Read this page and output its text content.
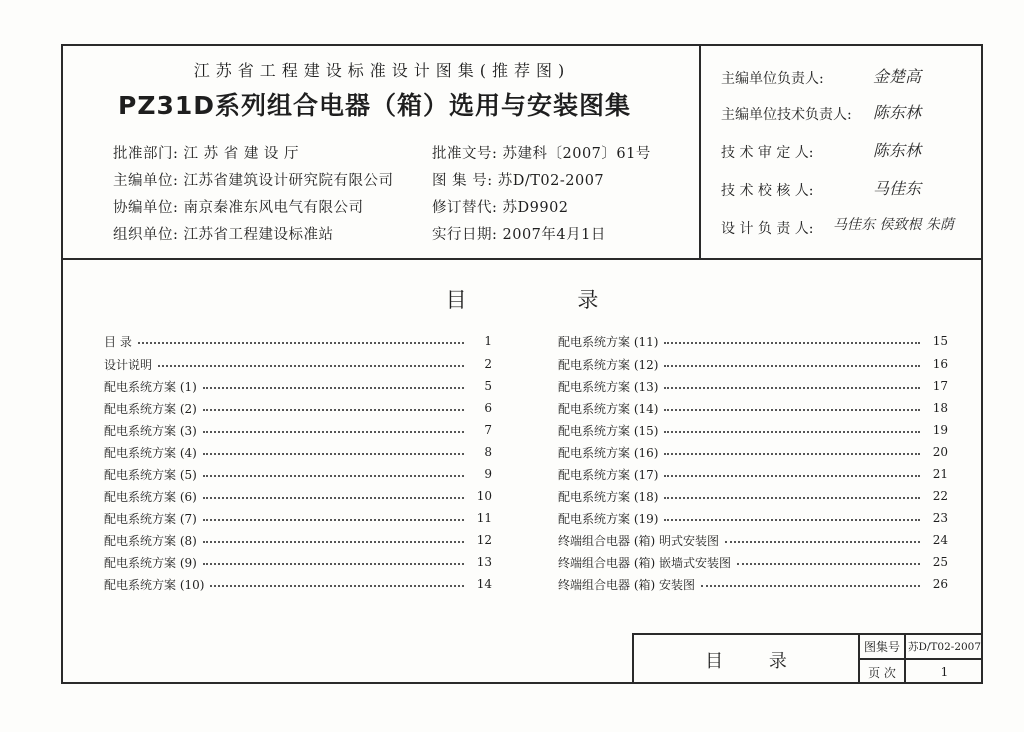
江苏省工程建设标准设计图集(推荐图)
PZ31D系列组合电器（箱）选用与安装图集
批准部门: 江 苏 省 建 设 厅
主编单位: 江苏省建筑设计研究院有限公司
协编单位: 南京秦准东风电气有限公司
组织单位: 江苏省工程建设标准站
批准文号: 苏建科〔2007〕61号
图 集 号: 苏D/T02-2007
修订替代: 苏D9902
实行日期: 2007年4月1日
主编单位负责人:	金楚高
主编单位技术负责人: 陈东林
技 术 审 定 人:	陈东林
技 术 校 核 人:	马佳东
设 计 负 责 人: 马佳东 侯致根 朱荫
目 录
目 录	1
设计说明	2
配电系统方案 (1)	5
配电系统方案 (2)	6
配电系统方案 (3)	7
配电系统方案 (4)	8
配电系统方案 (5)	9
配电系统方案 (6)	10
配电系统方案 (7)	11
配电系统方案 (8)	12
配电系统方案 (9)	13
配电系统方案 (10)	14
配电系统方案 (11)	15
配电系统方案 (12)	16
配电系统方案 (13)	17
配电系统方案 (14)	18
配电系统方案 (15)	19
配电系统方案 (16)	20
配电系统方案 (17)	21
配电系统方案 (18)	22
配电系统方案 (19)	23
终端组合电器 (箱) 明式安装图	24
终端组合电器 (箱) 嵌墙式安装图	25
终端组合电器 (箱) 安装图	26
目 录
图集号 苏D/T02-2007
页 次	1
